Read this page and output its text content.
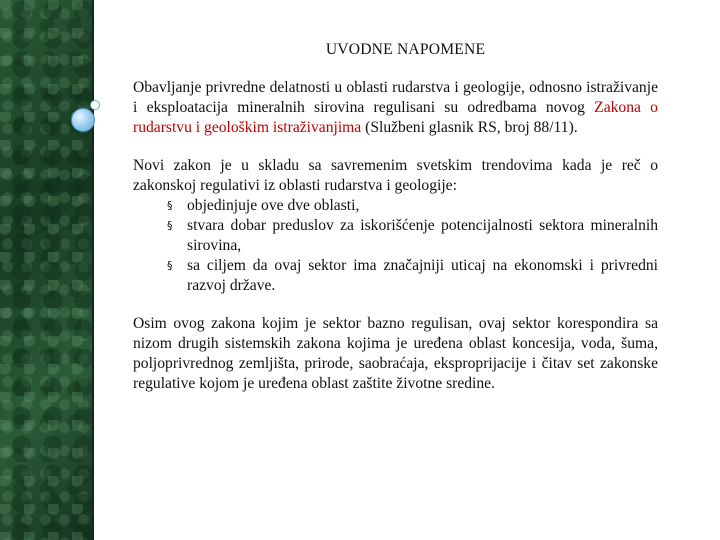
UVODNE NAPOMENE

Obavljanje privredne delatnosti u oblasti rudarstva i geologije, odnosno istraživanje i eksploatacija mineralnih sirovina regulisani su odredbama novog Zakona o rudarstvu i geološkim istraživanjima (Službeni glasnik RS, broj 88/11).

Novi zakon je u skladu sa savremenim svetskim trendovima kada je reč o zakonskoj regulativi iz oblasti rudarstva i geologije:

§ objedinjuje ove dve oblasti,
§ stvara dobar preduslov za iskorišćenje potencijalnosti sektora mineralnih sirovina,
§ sa ciljem da ovaj sektor ima značajniji uticaj na ekonomski i privredni razvoj države.

Osim ovog zakona kojim je sektor bazno regulisan, ovaj sektor korespondira sa nizom drugih sistemskih zakona kojima je uređena oblast koncesija, voda, šuma, poljoprivrednog zemljišta, prirode, saobraćaja, eksproprijacije i čitav set zakonske regulative kojom je uređena oblast zaštite životne sredine.
